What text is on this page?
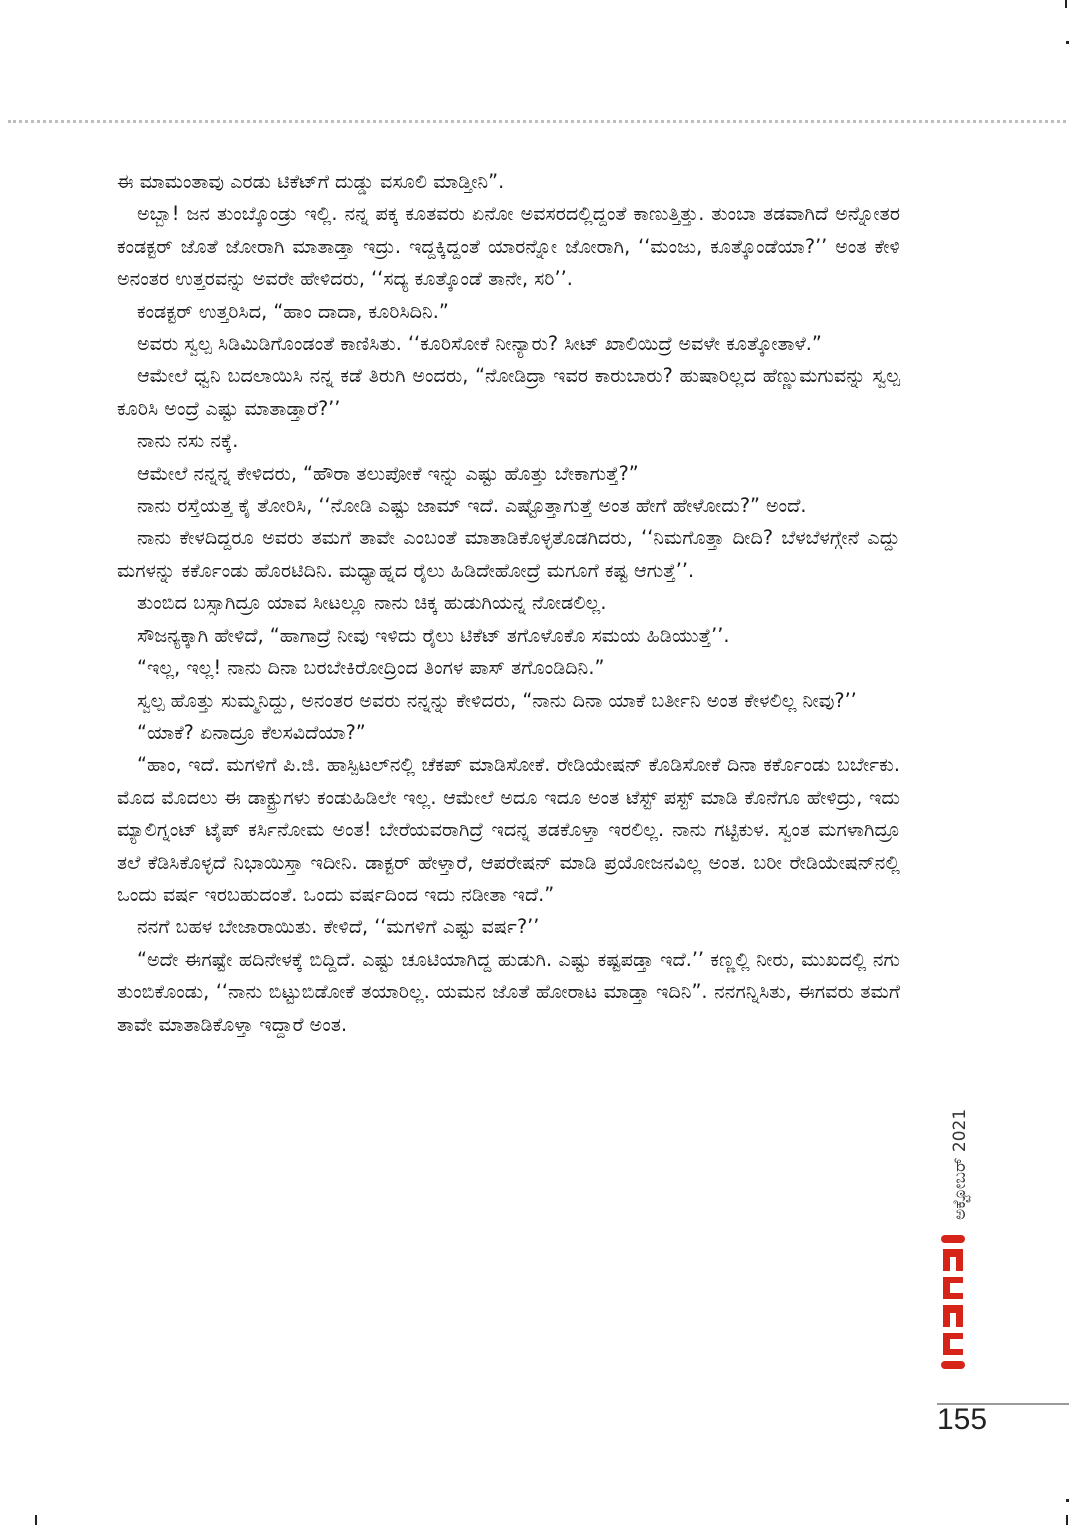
ಈ ಮಾಮಂತಾವು ಎರಡು ಟಿಕೆಟ್‌ಗೆ ದುಡ್ಡು ವಸೂಲಿ ಮಾಡ್ತೀನಿ”.

ಅಬ್ಬಾ! ಜನ ತುಂಬ್ಕೊಂಡ್ರು ಇಲ್ಲಿ. ನನ್ನ ಪಕ್ಕ ಕೂತವರು ಏನೋ ಅವಸರದಲ್ಲಿದ್ದಂತೆ ಕಾಣುತ್ತಿತ್ತು. ತುಂಬಾ ತಡವಾಗಿದೆ ಅನ್ನೋತರ ಕಂಡಕ್ಟರ್ ಜೊತೆ ಜೋರಾಗಿ ಮಾತಾಡ್ತಾ ಇದ್ರು. ಇದ್ದಕ್ಕಿದ್ದಂತೆ ಯಾರನ್ನೋ ಜೋರಾಗಿ, ‘‘ಮಂಜು, ಕೂತ್ಕೊಂಡೆಯಾ?’’ ಅಂತ ಕೇಳಿ ಅನಂತರ ಉತ್ತರವನ್ನು ಅವರೇ ಹೇಳಿದರು, ‘‘ಸದ್ಯ ಕೂತ್ಕೊಂಡೆ ತಾನೇ, ಸರಿ’’.

ಕಂಡಕ್ಟರ್ ಉತ್ತರಿಸಿದ, “ಹಾಂ ದಾದಾ, ಕೂರಿಸಿದಿನಿ.”

ಅವರು ಸ್ವಲ್ಪ ಸಿಡಿಮಿಡಿಗೊಂಡಂತೆ ಕಾಣಿಸಿತು. ‘‘ಕೂರಿಸೋಕೆ ನೀನ್ಯಾರು? ಸೀಟ್ ಖಾಲಿಯಿದ್ರೆ ಅವಳೇ ಕೂತ್ಕೋತಾಳೆ.”

ಆಮೇಲೆ ಧ್ವನಿ ಬದಲಾಯಿಸಿ ನನ್ನ ಕಡೆ ತಿರುಗಿ ಅಂದರು, “ನೋಡಿದ್ರಾ ಇವರ ಕಾರುಬಾರು? ಹುಷಾರಿಲ್ಲದ ಹೆಣ್ಣುಮಗುವನ್ನು ಸ್ವಲ್ಪ ಕೂರಿಸಿ ಅಂದ್ರೆ ಎಷ್ಟು ಮಾತಾಡ್ತಾರೆ?’’

ನಾನು ನಸು ನಕ್ಕೆ.

ಆಮೇಲೆ ನನ್ನನ್ನ ಕೇಳಿದರು, “ಹೌರಾ ತಲುಪೋಕೆ ಇನ್ನು ಎಷ್ಟು ಹೊತ್ತು ಬೇಕಾಗುತ್ತೆ?”

ನಾನು ರಸ್ತೆಯತ್ತ ಕೈ ತೋರಿಸಿ, ‘‘ನೋಡಿ ಎಷ್ಟು ಜಾಮ್ ಇದೆ. ಎಷ್ಟೊತ್ತಾಗುತ್ತೆ ಅಂತ ಹೇಗೆ ಹೇಳೋದು?” ಅಂದೆ.

ನಾನು ಕೇಳದಿದ್ದರೂ ಅವರು ತಮಗೆ ತಾವೇ ಎಂಬಂತೆ ಮಾತಾಡಿಕೊಳ್ಳತೊಡಗಿದರು, ‘‘ನಿಮಗೊತ್ತಾ ದೀದಿ? ಬೆಳಬೆಳಗ್ಗೇನೆ ಎದ್ದು ಮಗಳನ್ನು ಕರ್ಕೊಂಡು ಹೊರಟಿದಿನಿ. ಮಧ್ಯಾಹ್ನದ ರೈಲು ಹಿಡಿದೇಹೋದ್ರೆ ಮಗೂಗೆ ಕಷ್ಟ ಆಗುತ್ತೆ’’.

ತುಂಬಿದ ಬಸ್ಸಾಗಿದ್ರೂ ಯಾವ ಸೀಟಲ್ಲೂ ನಾನು ಚಿಕ್ಕ ಹುಡುಗಿಯನ್ನ ನೋಡಲಿಲ್ಲ.

ಸೌಜನ್ಯಕ್ಕಾಗಿ ಹೇಳಿದೆ, “ಹಾಗಾದ್ರೆ ನೀವು ಇಳಿದು ರೈಲು ಟಿಕೆಟ್ ತಗೊಳೊಕೊ ಸಮಯ ಹಿಡಿಯುತ್ತೆ’’.

“ಇಲ್ಲ, ಇಲ್ಲ! ನಾನು ದಿನಾ ಬರಬೇಕಿರೋದ್ರಿಂದ ತಿಂಗಳ ಪಾಸ್ ತಗೊಂಡಿದಿನಿ.”

ಸ್ವಲ್ಪ ಹೊತ್ತು ಸುಮ್ಮನಿದ್ದು, ಅನಂತರ ಅವರು ನನ್ನನ್ನು ಕೇಳಿದರು, “ನಾನು ದಿನಾ ಯಾಕೆ ಬರ್ತೀನಿ ಅಂತ ಕೇಳಲಿಲ್ಲ ನೀವು?’’

“ಯಾಕೆ? ಏನಾದ್ರೂ ಕೆಲಸವಿದೆಯಾ?”

“ಹಾಂ, ಇದೆ. ಮಗಳಿಗೆ ಪಿ.ಜಿ. ಹಾಸ್ಪಿಟಲ್‌ನಲ್ಲಿ ಚೆಕಪ್ ಮಾಡಿಸೋಕೆ. ರೇಡಿಯೇಷನ್ ಕೊಡಿಸೋಕೆ ದಿನಾ ಕರ್ಕೊಂಡು ಬರ್ಬೇಕು. ಮೊದ ಮೊದಲು ಈ ಡಾಕ್ಟ್ರುಗಳು ಕಂಡುಹಿಡಿಲೇ ಇಲ್ಲ. ಆಮೇಲೆ ಅದೂ ಇದೂ ಅಂತ ಟೆಸ್ಟ್ ಪಸ್ಟ್ ಮಾಡಿ ಕೊನೆಗೂ ಹೇಳಿದ್ರು, ಇದು ಮ್ಯಾಲಿಗ್ನಂಟ್ ಟೈಪ್ ಕರ್ಸಿನೋಮ ಅಂತ! ಬೇರೆಯವರಾಗಿದ್ರೆ ಇದನ್ನ ತಡಕೊಳ್ತಾ ಇರಲಿಲ್ಲ. ನಾನು ಗಟ್ಟಿಕುಳ. ಸ್ವಂತ ಮಗಳಾಗಿದ್ರೂ ತಲೆ ಕೆಡಿಸಿಕೊಳ್ಳದೆ ನಿಭಾಯಿಸ್ತಾ ಇದೀನಿ. ಡಾಕ್ಟರ್ ಹೇಳ್ತಾರೆ, ಆಪರೇಷನ್ ಮಾಡಿ ಪ್ರಯೋಜನವಿಲ್ಲ ಅಂತ. ಬರೀ ರೇಡಿಯೇಷನ್‌ನಲ್ಲಿ ಒಂದು ವರ್ಷ ಇರಬಹುದಂತೆ. ಒಂದು ವರ್ಷದಿಂದ ಇದು ನಡೀತಾ ಇದೆ.”

ನನಗೆ ಬಹಳ ಬೇಜಾರಾಯಿತು. ಕೇಳಿದೆ, ‘‘ಮಗಳಿಗೆ ಎಷ್ಟು ವರ್ಷ?’’

“ಅದೇ ಈಗಷ್ಟೇ ಹದಿನೇಳಕ್ಕೆ ಬಿದ್ದಿದೆ. ಎಷ್ಟು ಚೂಟಿಯಾಗಿದ್ದ ಹುಡುಗಿ. ಎಷ್ಟು ಕಷ್ಟಪಡ್ತಾ ಇದೆ.’’ ಕಣ್ಣಲ್ಲಿ ನೀರು, ಮುಖದಲ್ಲಿ ನಗು ತುಂಬಿಕೊಂಡು, ‘‘ನಾನು ಬಿಟ್ಟುಬಿಡೋಕೆ ತಯಾರಿಲ್ಲ. ಯಮನ ಜೊತೆ ಹೋರಾಟ ಮಾಡ್ತಾ ಇದಿನಿ”. ನನಗನ್ನಿಸಿತು, ಈಗವರು ತಮಗೆ ತಾವೇ ಮಾತಾಡಿಕೊಳ್ತಾ ಇದ್ದಾರೆ ಅಂತ.

ಅಕ್ಟೋಬರ್ 2021
155
